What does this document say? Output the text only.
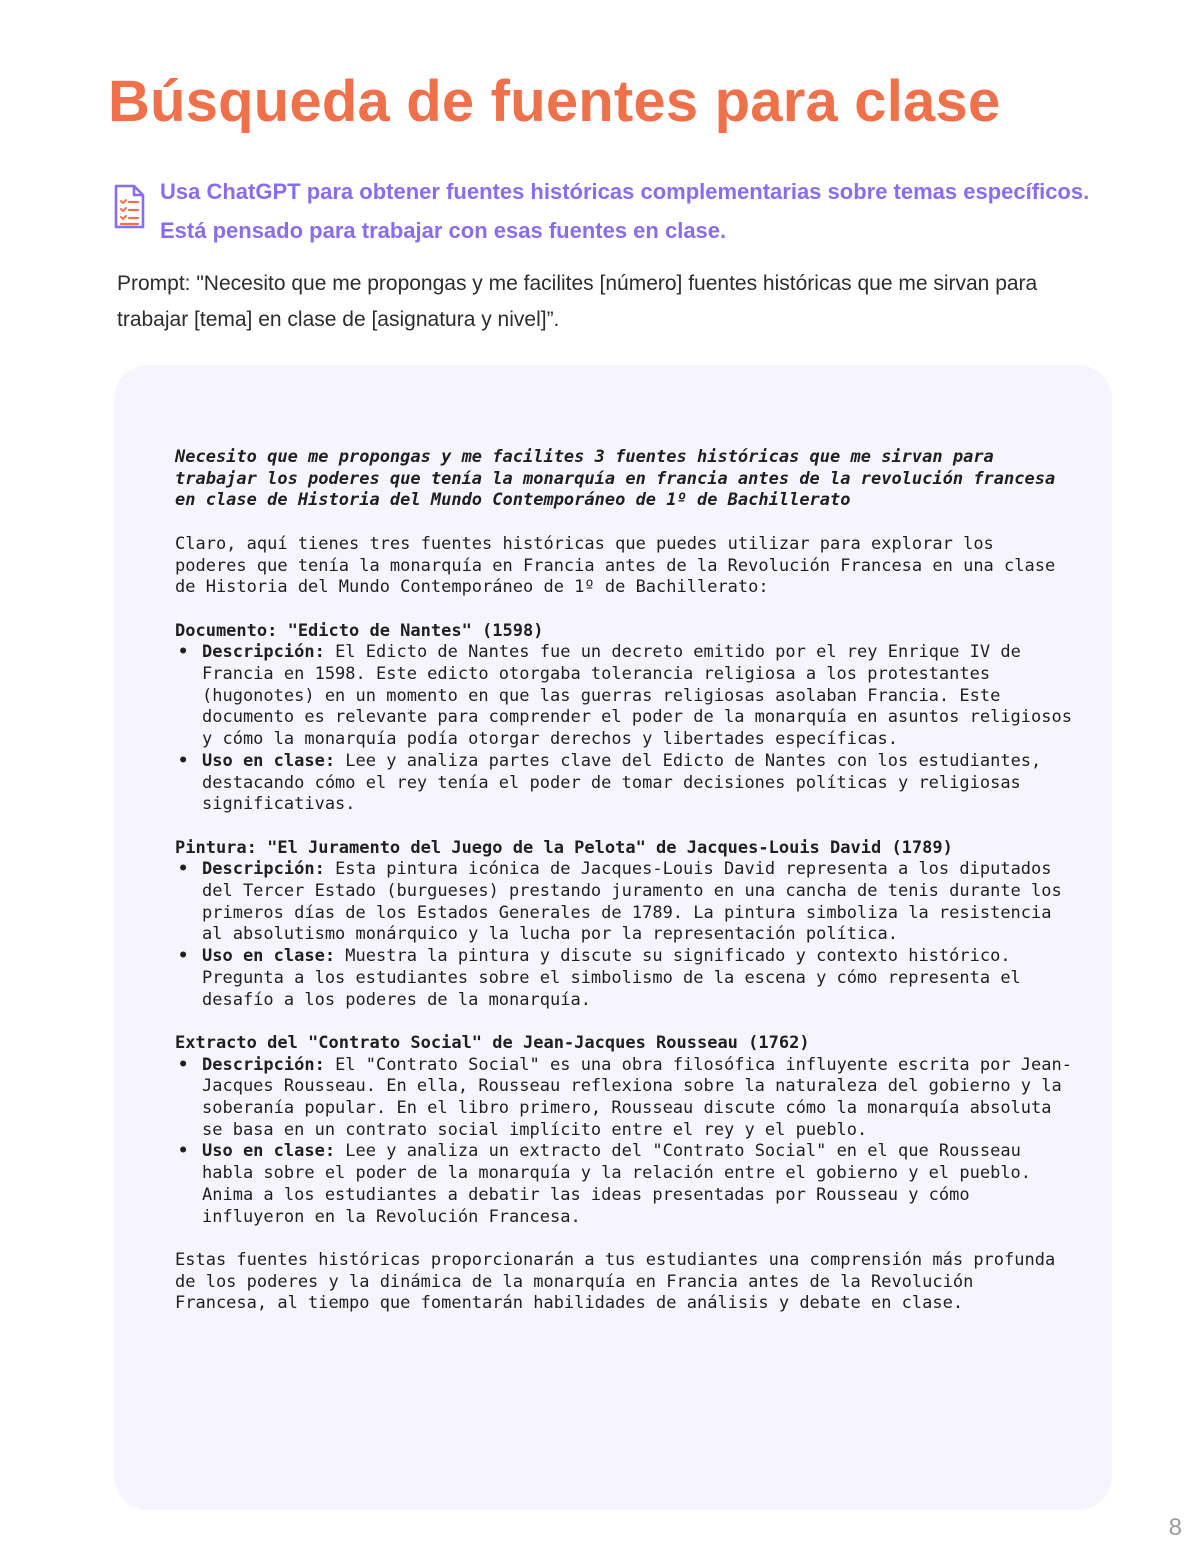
Búsqueda de fuentes para clase

Usa ChatGPT para obtener fuentes históricas complementarias sobre temas específicos. Está pensado para trabajar con esas fuentes en clase.

Prompt: "Necesito que me propongas y me facilites [número] fuentes históricas que me sirvan para trabajar [tema] en clase de [asignatura y nivel]”.

Necesito que me propongas y me facilites 3 fuentes históricas que me sirvan para trabajar los poderes que tenía la monarquía en francia antes de la revolución francesa en clase de Historia del Mundo Contemporáneo de 1º de Bachillerato

Claro, aquí tienes tres fuentes históricas que puedes utilizar para explorar los poderes que tenía la monarquía en Francia antes de la Revolución Francesa en una clase de Historia del Mundo Contemporáneo de 1º de Bachillerato:

Documento: "Edicto de Nantes" (1598)

• Descripción: El Edicto de Nantes fue un decreto emitido por el rey Enrique IV de Francia en 1598. Este edicto otorgaba tolerancia religiosa a los protestantes (hugonotes) en un momento en que las guerras religiosas asolaban Francia. Este documento es relevante para comprender el poder de la monarquía en asuntos religiosos y cómo la monarquía podía otorgar derechos y libertades específicas.
• Uso en clase: Lee y analiza partes clave del Edicto de Nantes con los estudiantes, destacando cómo el rey tenía el poder de tomar decisiones políticas y religiosas significativas.

Pintura: "El Juramento del Juego de la Pelota" de Jacques-Louis David (1789)

• Descripción: Esta pintura icónica de Jacques-Louis David representa a los diputados del Tercer Estado (burgueses) prestando juramento en una cancha de tenis durante los primeros días de los Estados Generales de 1789. La pintura simboliza la resistencia al absolutismo monárquico y la lucha por la representación política.
• Uso en clase: Muestra la pintura y discute su significado y contexto histórico. Pregunta a los estudiantes sobre el simbolismo de la escena y cómo representa el desafío a los poderes de la monarquía.

Extracto del "Contrato Social" de Jean-Jacques Rousseau (1762)

• Descripción: El "Contrato Social" es una obra filosófica influyente escrita por Jean-Jacques Rousseau. En ella, Rousseau reflexiona sobre la naturaleza del gobierno y la soberanía popular. En el libro primero, Rousseau discute cómo la monarquía absoluta se basa en un contrato social implícito entre el rey y el pueblo.
• Uso en clase: Lee y analiza un extracto del "Contrato Social" en el que Rousseau habla sobre el poder de la monarquía y la relación entre el gobierno y el pueblo. Anima a los estudiantes a debatir las ideas presentadas por Rousseau y cómo influyeron en la Revolución Francesa.

Estas fuentes históricas proporcionarán a tus estudiantes una comprensión más profunda de los poderes y la dinámica de la monarquía en Francia antes de la Revolución Francesa, al tiempo que fomentarán habilidades de análisis y debate en clase.

8
